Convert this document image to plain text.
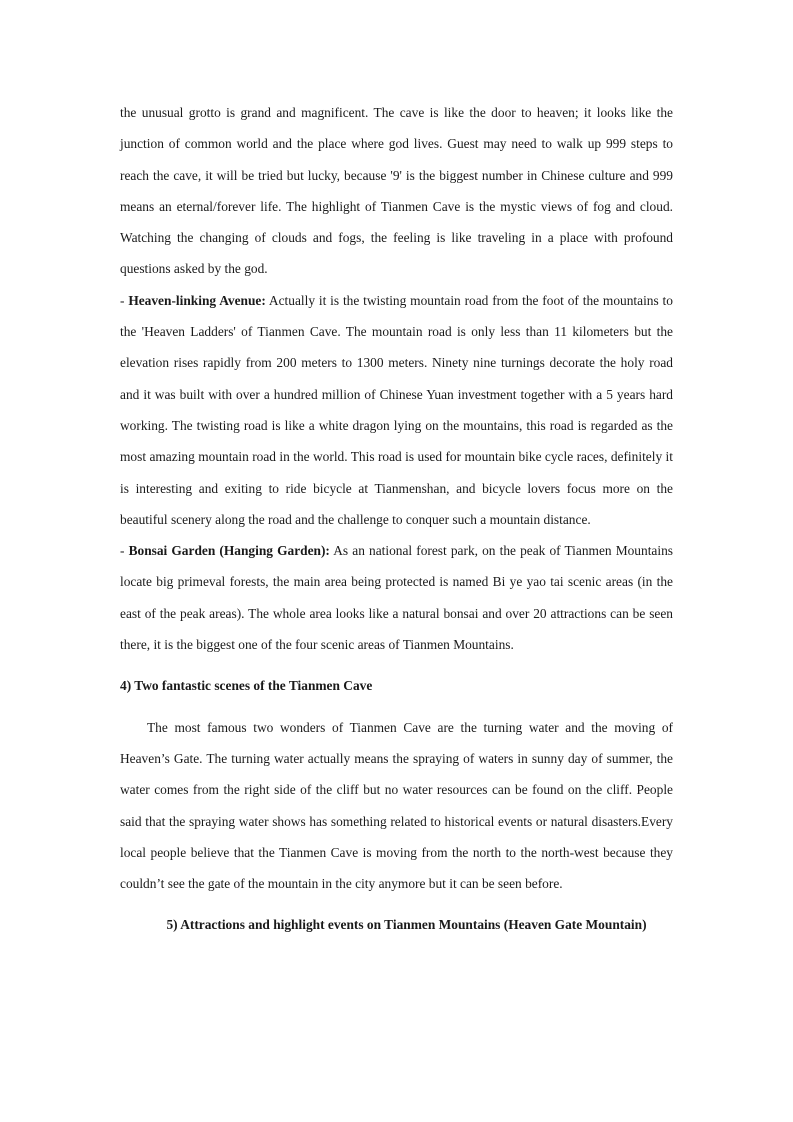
the unusual grotto is grand and magnificent. The cave is like the door to heaven; it looks like the junction of common world and the place where god lives. Guest may need to walk up 999 steps to reach the cave, it will be tried but lucky, because '9' is the biggest number in Chinese culture and 999 means an eternal/forever life. The highlight of Tianmen Cave is the mystic views of fog and cloud. Watching the changing of clouds and fogs, the feeling is like traveling in a place with profound questions asked by the god.

- Heaven-linking Avenue: Actually it is the twisting mountain road from the foot of the mountains to the 'Heaven Ladders' of Tianmen Cave. The mountain road is only less than 11 kilometers but the elevation rises rapidly from 200 meters to 1300 meters. Ninety nine turnings decorate the holy road and it was built with over a hundred million of Chinese Yuan investment together with a 5 years hard working. The twisting road is like a white dragon lying on the mountains, this road is regarded as the most amazing mountain road in the world. This road is used for mountain bike cycle races, definitely it is interesting and exiting to ride bicycle at Tianmenshan, and bicycle lovers focus more on the beautiful scenery along the road and the challenge to conquer such a mountain distance.

- Bonsai Garden (Hanging Garden): As an national forest park, on the peak of Tianmen Mountains locate big primeval forests, the main area being protected is named Bi ye yao tai scenic areas (in the east of the peak areas). The whole area looks like a natural bonsai and over 20 attractions can be seen there, it is the biggest one of the four scenic areas of Tianmen Mountains.

4) Two fantastic scenes of the Tianmen Cave

The most famous two wonders of Tianmen Cave are the turning water and the moving of Heaven’s Gate. The turning water actually means the spraying of waters in sunny day of summer, the water comes from the right side of the cliff but no water resources can be found on the cliff. People said that the spraying water shows has something related to historical events or natural disasters.Every local people believe that the Tianmen Cave is moving from the north to the north-west because they couldn’t see the gate of the mountain in the city anymore but it can be seen before.

5) Attractions and highlight events on Tianmen Mountains (Heaven Gate Mountain)
